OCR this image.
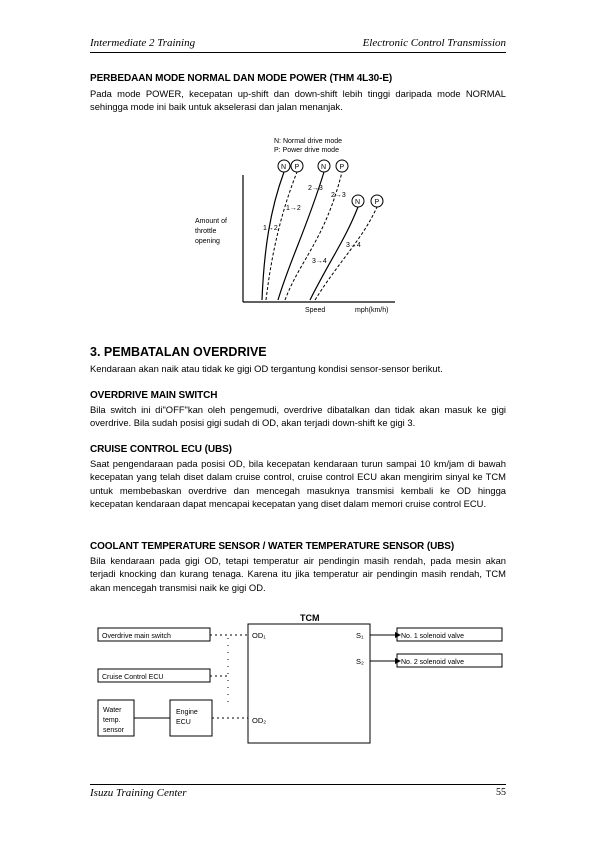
Intermediate 2 Training	Electronic Control Transmission
PERBEDAAN MODE NORMAL DAN MODE POWER (THM 4L30-E)
Pada mode POWER, kecepatan up-shift dan down-shift lebih tinggi daripada mode NORMAL sehingga mode ini baik untuk akselerasi dan jalan menanjak.
N: Normal drive mode
P: Power drive mode
Amount of
throttle
opening
Speed	mph(km/h)
N P	N P
N P
1→2
1→2
2→3
2→3
3→4
3→4
3. PEMBATALAN OVERDRIVE
Kendaraan akan naik atau tidak ke gigi OD tergantung kondisi sensor-sensor berikut.
OVERDRIVE MAIN SWITCH
Bila switch ini di"OFF"kan oleh pengemudi, overdrive dibatalkan dan tidak akan masuk ke gigi overdrive. Bila sudah posisi gigi sudah di OD, akan terjadi down-shift ke gigi 3.
CRUISE CONTROL ECU (UBS)
Saat pengendaraan pada posisi OD, bila kecepatan kendaraan turun sampai 10 km/jam di bawah kecepatan yang telah diset dalam cruise control, cruise control ECU akan mengirim sinyal ke TCM untuk membebaskan overdrive dan mencegah masuknya transmisi kembali ke OD hingga kecepatan kendaraan dapat mencapai kecepatan yang diset dalam memori cruise control ECU.
COOLANT TEMPERATURE SENSOR / WATER TEMPERATURE SENSOR (UBS)
Bila kendaraan pada gigi OD, tetapi temperatur air pendingin masih rendah, pada mesin akan terjadi knocking dan kurang tenaga. Karena itu jika temperatur air pendingin masih rendah, TCM akan mencegah transmisi naik ke gigi OD.
TCM
OD₁
OD₂
S₁
S₂
Overdrive main switch
Cruise Control ECU
Water
temp.
sensor
Engine
ECU
No. 1 solenoid valve
No. 2 solenoid valve
Isuzu Training Center	55
